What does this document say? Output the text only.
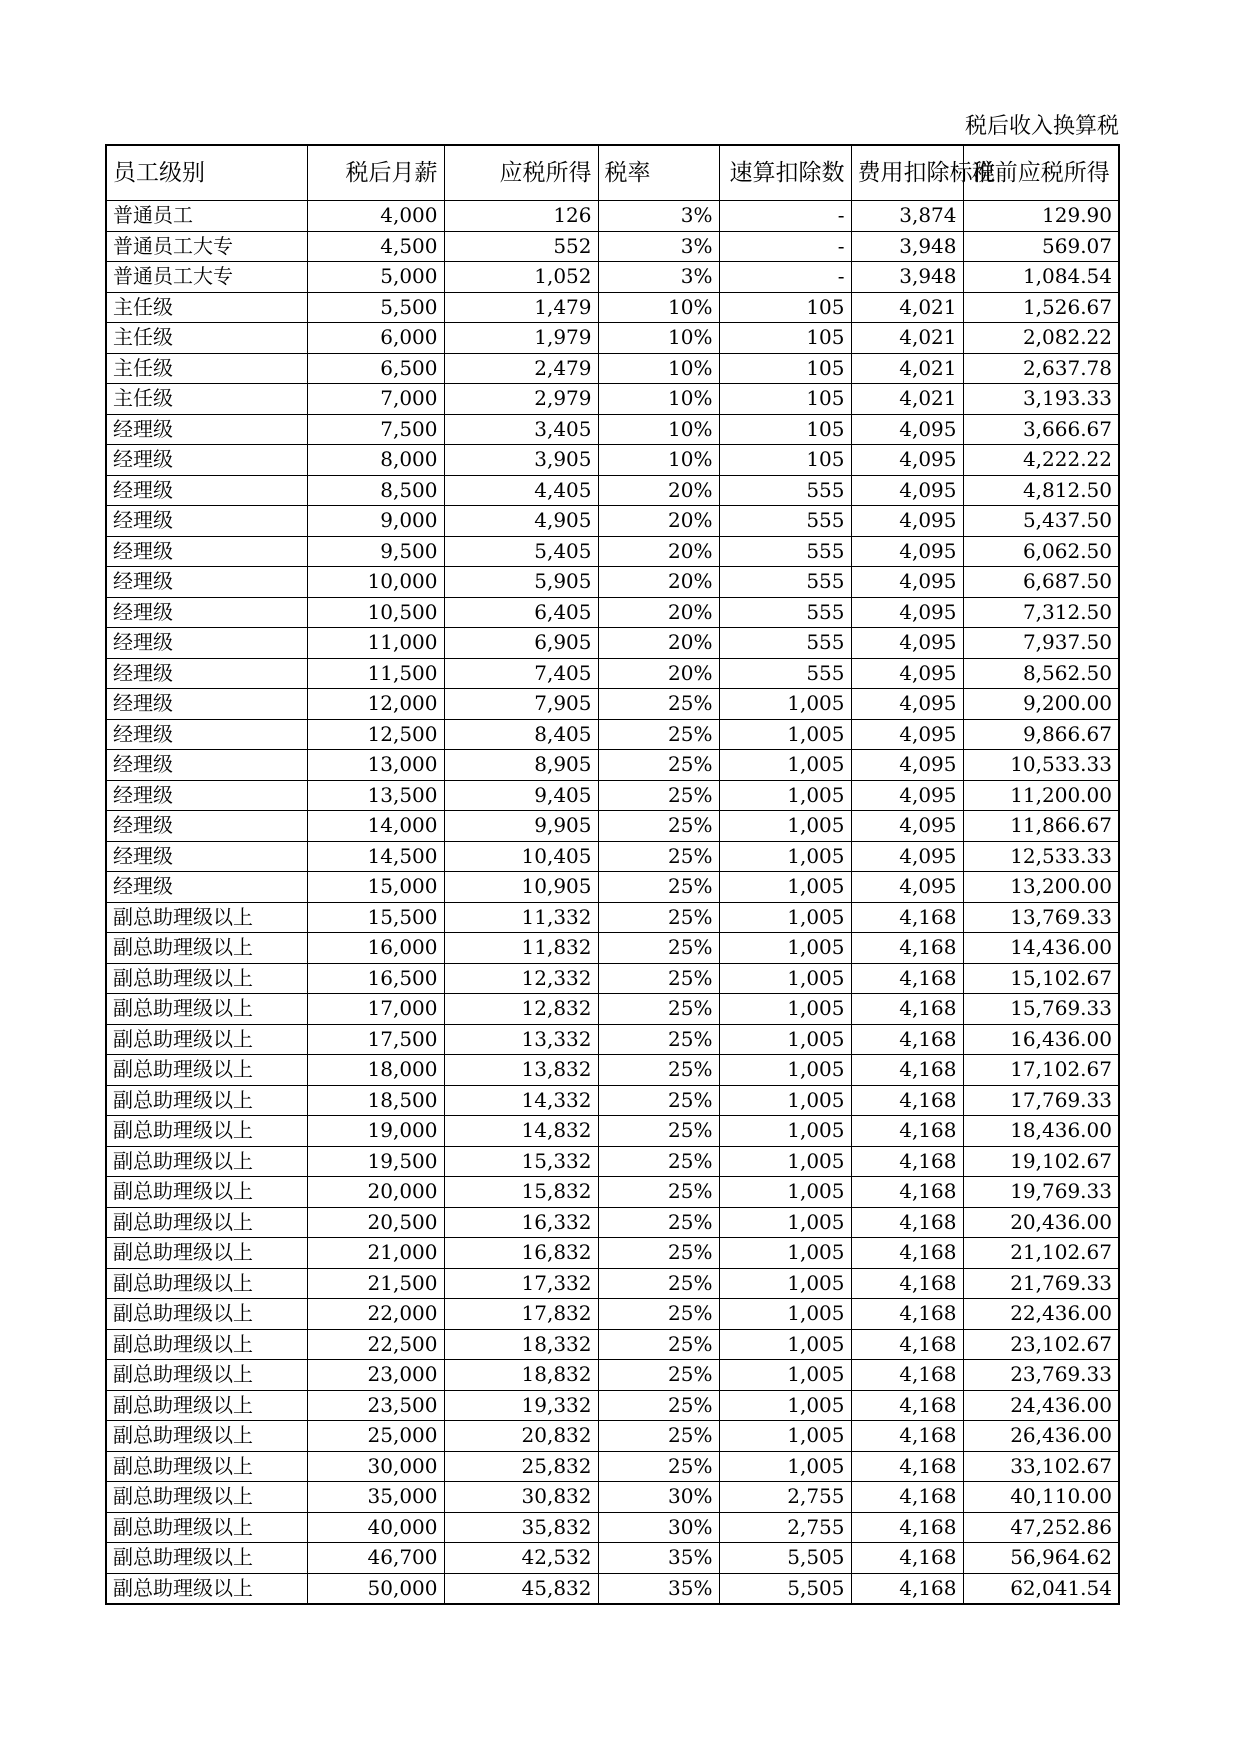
税后收入换算税
员工级别	税后月薪	应税所得	税率	速算扣除数	费用扣除标准	税前应税所得
普通员工	4,000	126	3%	-	3,874	129.90
普通员工大专	4,500	552	3%	-	3,948	569.07
普通员工大专	5,000	1,052	3%	-	3,948	1,084.54
主任级	5,500	1,479	10%	105	4,021	1,526.67
主任级	6,000	1,979	10%	105	4,021	2,082.22
主任级	6,500	2,479	10%	105	4,021	2,637.78
主任级	7,000	2,979	10%	105	4,021	3,193.33
经理级	7,500	3,405	10%	105	4,095	3,666.67
经理级	8,000	3,905	10%	105	4,095	4,222.22
经理级	8,500	4,405	20%	555	4,095	4,812.50
经理级	9,000	4,905	20%	555	4,095	5,437.50
经理级	9,500	5,405	20%	555	4,095	6,062.50
经理级	10,000	5,905	20%	555	4,095	6,687.50
经理级	10,500	6,405	20%	555	4,095	7,312.50
经理级	11,000	6,905	20%	555	4,095	7,937.50
经理级	11,500	7,405	20%	555	4,095	8,562.50
经理级	12,000	7,905	25%	1,005	4,095	9,200.00
经理级	12,500	8,405	25%	1,005	4,095	9,866.67
经理级	13,000	8,905	25%	1,005	4,095	10,533.33
经理级	13,500	9,405	25%	1,005	4,095	11,200.00
经理级	14,000	9,905	25%	1,005	4,095	11,866.67
经理级	14,500	10,405	25%	1,005	4,095	12,533.33
经理级	15,000	10,905	25%	1,005	4,095	13,200.00
副总助理级以上	15,500	11,332	25%	1,005	4,168	13,769.33
副总助理级以上	16,000	11,832	25%	1,005	4,168	14,436.00
副总助理级以上	16,500	12,332	25%	1,005	4,168	15,102.67
副总助理级以上	17,000	12,832	25%	1,005	4,168	15,769.33
副总助理级以上	17,500	13,332	25%	1,005	4,168	16,436.00
副总助理级以上	18,000	13,832	25%	1,005	4,168	17,102.67
副总助理级以上	18,500	14,332	25%	1,005	4,168	17,769.33
副总助理级以上	19,000	14,832	25%	1,005	4,168	18,436.00
副总助理级以上	19,500	15,332	25%	1,005	4,168	19,102.67
副总助理级以上	20,000	15,832	25%	1,005	4,168	19,769.33
副总助理级以上	20,500	16,332	25%	1,005	4,168	20,436.00
副总助理级以上	21,000	16,832	25%	1,005	4,168	21,102.67
副总助理级以上	21,500	17,332	25%	1,005	4,168	21,769.33
副总助理级以上	22,000	17,832	25%	1,005	4,168	22,436.00
副总助理级以上	22,500	18,332	25%	1,005	4,168	23,102.67
副总助理级以上	23,000	18,832	25%	1,005	4,168	23,769.33
副总助理级以上	23,500	19,332	25%	1,005	4,168	24,436.00
副总助理级以上	25,000	20,832	25%	1,005	4,168	26,436.00
副总助理级以上	30,000	25,832	25%	1,005	4,168	33,102.67
副总助理级以上	35,000	30,832	30%	2,755	4,168	40,110.00
副总助理级以上	40,000	35,832	30%	2,755	4,168	47,252.86
副总助理级以上	46,700	42,532	35%	5,505	4,168	56,964.62
副总助理级以上	50,000	45,832	35%	5,505	4,168	62,041.54
